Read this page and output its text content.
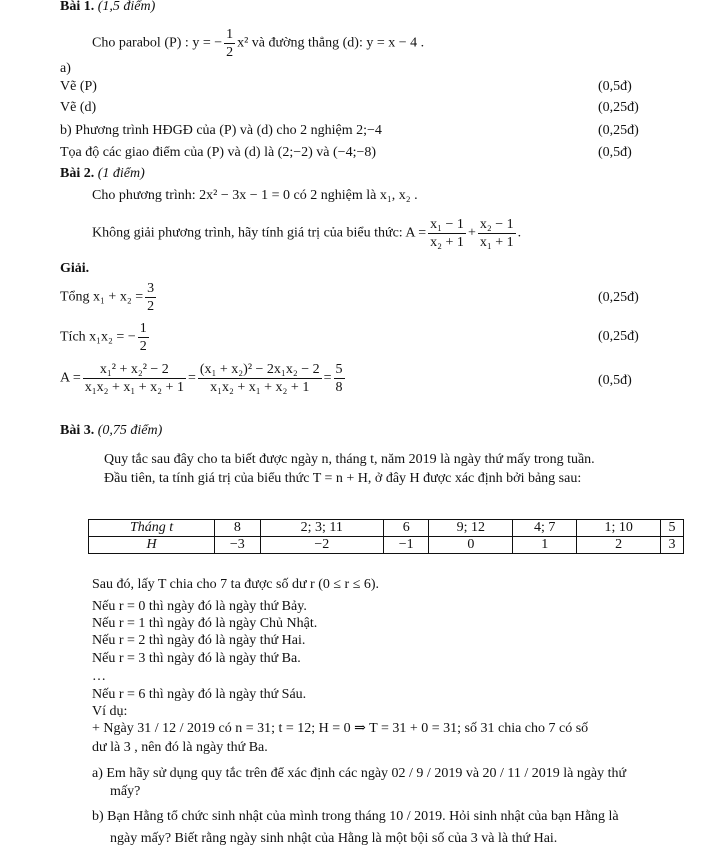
Bài 1. (1,5 điểm)
Cho parabol (P) : y = − $\frac{1}{2} x^2$ và đường thẳng (d): y = x − 4 .
a)
Vẽ (P)	(0,5đ)
Vẽ (d)	(0,25đ)
b) Phương trình HĐGĐ của (P) và (d) cho 2 nghiệm 2;−4	(0,25đ)
Tọa độ các giao điểm của (P) và (d) là (2;−2) và (−4;−8)	(0,5đ)
Bài 2. (1 điểm)
Cho phương trình: 2x² − 3x − 1 = 0 có 2 nghiệm là x₁, x₂ .
Không giải phương trình, hãy tính giá trị của biểu thức: $A = \frac{\text{x₁ − 1}}{\text{x₂ + 1}} + \frac{\text{x₂ − 1}}{\text{x₁ + 1}}$ .
Giải.
Tổng $x_1 + x_2 = \frac{3}{2}$	(0,25đ)
Tích x₁x₂ = − $\frac{1}{2}$	(0,25đ)
$A = \frac{\text{x₁² + x₂² − 2}}{\text{x₁x₂ + x₁ + x₂ + 1}} = \frac{\text{(x₁ + x₂)² − 2x₁x₂ − 2}}{\text{x₁x₂ + x₁ + x₂ + 1}} = \frac{5}{8}$	(0,5đ)
Bài 3. (0,75 điểm)
Quy tắc sau đây cho ta biết được ngày n, tháng t, năm 2019 là ngày thứ mấy trong tuần.
Đầu tiên, ta tính giá trị của biểu thức T = n + H, ở đây H được xác định bởi bảng sau:
Tháng t	8	2; 3; 11	6	9; 12	4; 7	1; 10	5
H	−3	−2	−1	0	1	2	3
Sau đó, lấy T chia cho 7 ta được số dư r (0 ≤ r ≤ 6).
Nếu r = 0 thì ngày đó là ngày thứ Bảy.
Nếu r = 1 thì ngày đó là ngày Chủ Nhật.
Nếu r = 2 thì ngày đó là ngày thứ Hai.
Nếu r = 3 thì ngày đó là ngày thứ Ba.
…
Nếu r = 6 thì ngày đó là ngày thứ Sáu.
Ví dụ:
+ Ngày 31 / 12 / 2019 có n = 31; t = 12; H = 0 ⇒ T = 31 + 0 = 31; số 31 chia cho 7 có số
dư là 3 , nên đó là ngày thứ Ba.
a) Em hãy sử dụng quy tắc trên để xác định các ngày 02 / 9 / 2019 và 20 / 11 / 2019 là ngày thứ
mấy?
b) Bạn Hằng tổ chức sinh nhật của mình trong tháng 10 / 2019. Hỏi sinh nhật của bạn Hằng là
ngày mấy? Biết rằng ngày sinh nhật của Hằng là một bội số của 3 và là thứ Hai.
